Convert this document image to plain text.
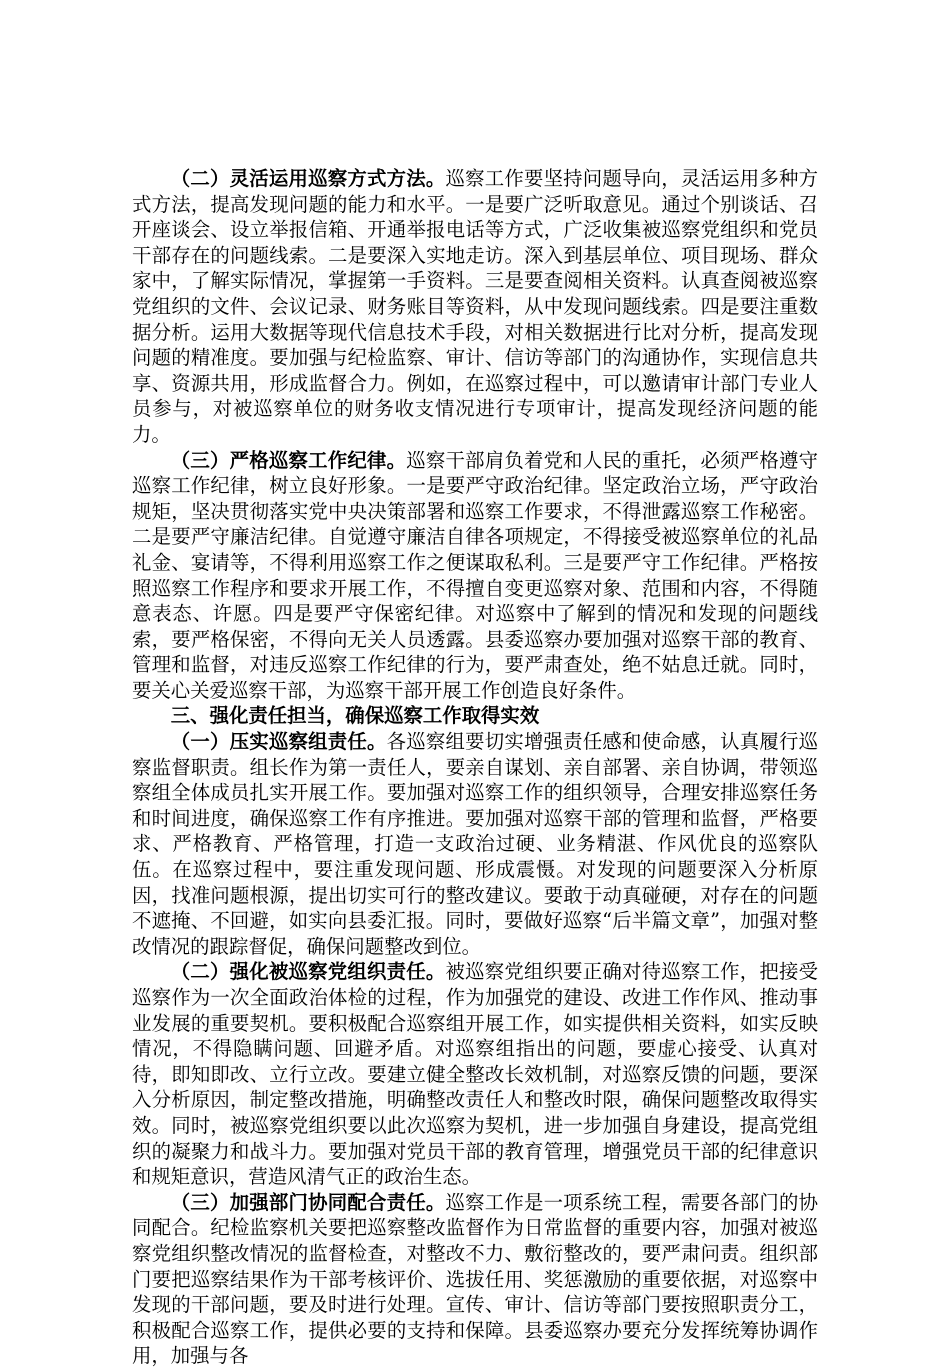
（二）灵活运用巡察方式方法。巡察工作要坚持问题导向，灵活运用多种方式方法，提高发现问题的能力和水平。一是要广泛听取意见。通过个别谈话、召开座谈会、设立举报信箱、开通举报电话等方式，广泛收集被巡察党组织和党员干部存在的问题线索。二是要深入实地走访。深入到基层单位、项目现场、群众家中，了解实际情况，掌握第一手资料。三是要查阅相关资料。认真查阅被巡察党组织的文件、会议记录、财务账目等资料，从中发现问题线索。四是要注重数据分析。运用大数据等现代信息技术手段，对相关数据进行比对分析，提高发现问题的精准度。要加强与纪检监察、审计、信访等部门的沟通协作，实现信息共享、资源共用，形成监督合力。例如，在巡察过程中，可以邀请审计部门专业人员参与，对被巡察单位的财务收支情况进行专项审计，提高发现经济问题的能力。

（三）严格巡察工作纪律。巡察干部肩负着党和人民的重托，必须严格遵守巡察工作纪律，树立良好形象。一是要严守政治纪律。坚定政治立场，严守政治规矩，坚决贯彻落实党中央决策部署和巡察工作要求，不得泄露巡察工作秘密。二是要严守廉洁纪律。自觉遵守廉洁自律各项规定，不得接受被巡察单位的礼品礼金、宴请等，不得利用巡察工作之便谋取私利。三是要严守工作纪律。严格按照巡察工作程序和要求开展工作，不得擅自变更巡察对象、范围和内容，不得随意表态、许愿。四是要严守保密纪律。对巡察中了解到的情况和发现的问题线索，要严格保密，不得向无关人员透露。县委巡察办要加强对巡察干部的教育、管理和监督，对违反巡察工作纪律的行为，要严肃查处，绝不姑息迁就。同时，要关心关爱巡察干部，为巡察干部开展工作创造良好条件。

三、强化责任担当，确保巡察工作取得实效

（一）压实巡察组责任。各巡察组要切实增强责任感和使命感，认真履行巡察监督职责。组长作为第一责任人，要亲自谋划、亲自部署、亲自协调，带领巡察组全体成员扎实开展工作。要加强对巡察工作的组织领导，合理安排巡察任务和时间进度，确保巡察工作有序推进。要加强对巡察干部的管理和监督，严格要求、严格教育、严格管理，打造一支政治过硬、业务精湛、作风优良的巡察队伍。在巡察过程中，要注重发现问题、形成震慑。对发现的问题要深入分析原因，找准问题根源，提出切实可行的整改建议。要敢于动真碰硬，对存在的问题不遮掩、不回避，如实向县委汇报。同时，要做好巡察“后半篇文章”，加强对整改情况的跟踪督促，确保问题整改到位。

（二）强化被巡察党组织责任。被巡察党组织要正确对待巡察工作，把接受巡察作为一次全面政治体检的过程，作为加强党的建设、改进工作作风、推动事业发展的重要契机。要积极配合巡察组开展工作，如实提供相关资料，如实反映情况，不得隐瞒问题、回避矛盾。对巡察组指出的问题，要虚心接受、认真对待，即知即改、立行立改。要建立健全整改长效机制，对巡察反馈的问题，要深入分析原因，制定整改措施，明确整改责任人和整改时限，确保问题整改取得实效。同时，被巡察党组织要以此次巡察为契机，进一步加强自身建设，提高党组织的凝聚力和战斗力。要加强对党员干部的教育管理，增强党员干部的纪律意识和规矩意识，营造风清气正的政治生态。

（三）加强部门协同配合责任。巡察工作是一项系统工程，需要各部门的协同配合。纪检监察机关要把巡察整改监督作为日常监督的重要内容，加强对被巡察党组织整改情况的监督检查，对整改不力、敷衍整改的，要严肃问责。组织部门要把巡察结果作为干部考核评价、选拔任用、奖惩激励的重要依据，对巡察中发现的干部问题，要及时进行处理。宣传、审计、信访等部门要按照职责分工，积极配合巡察工作，提供必要的支持和保障。县委巡察办要充分发挥统筹协调作用，加强与各
